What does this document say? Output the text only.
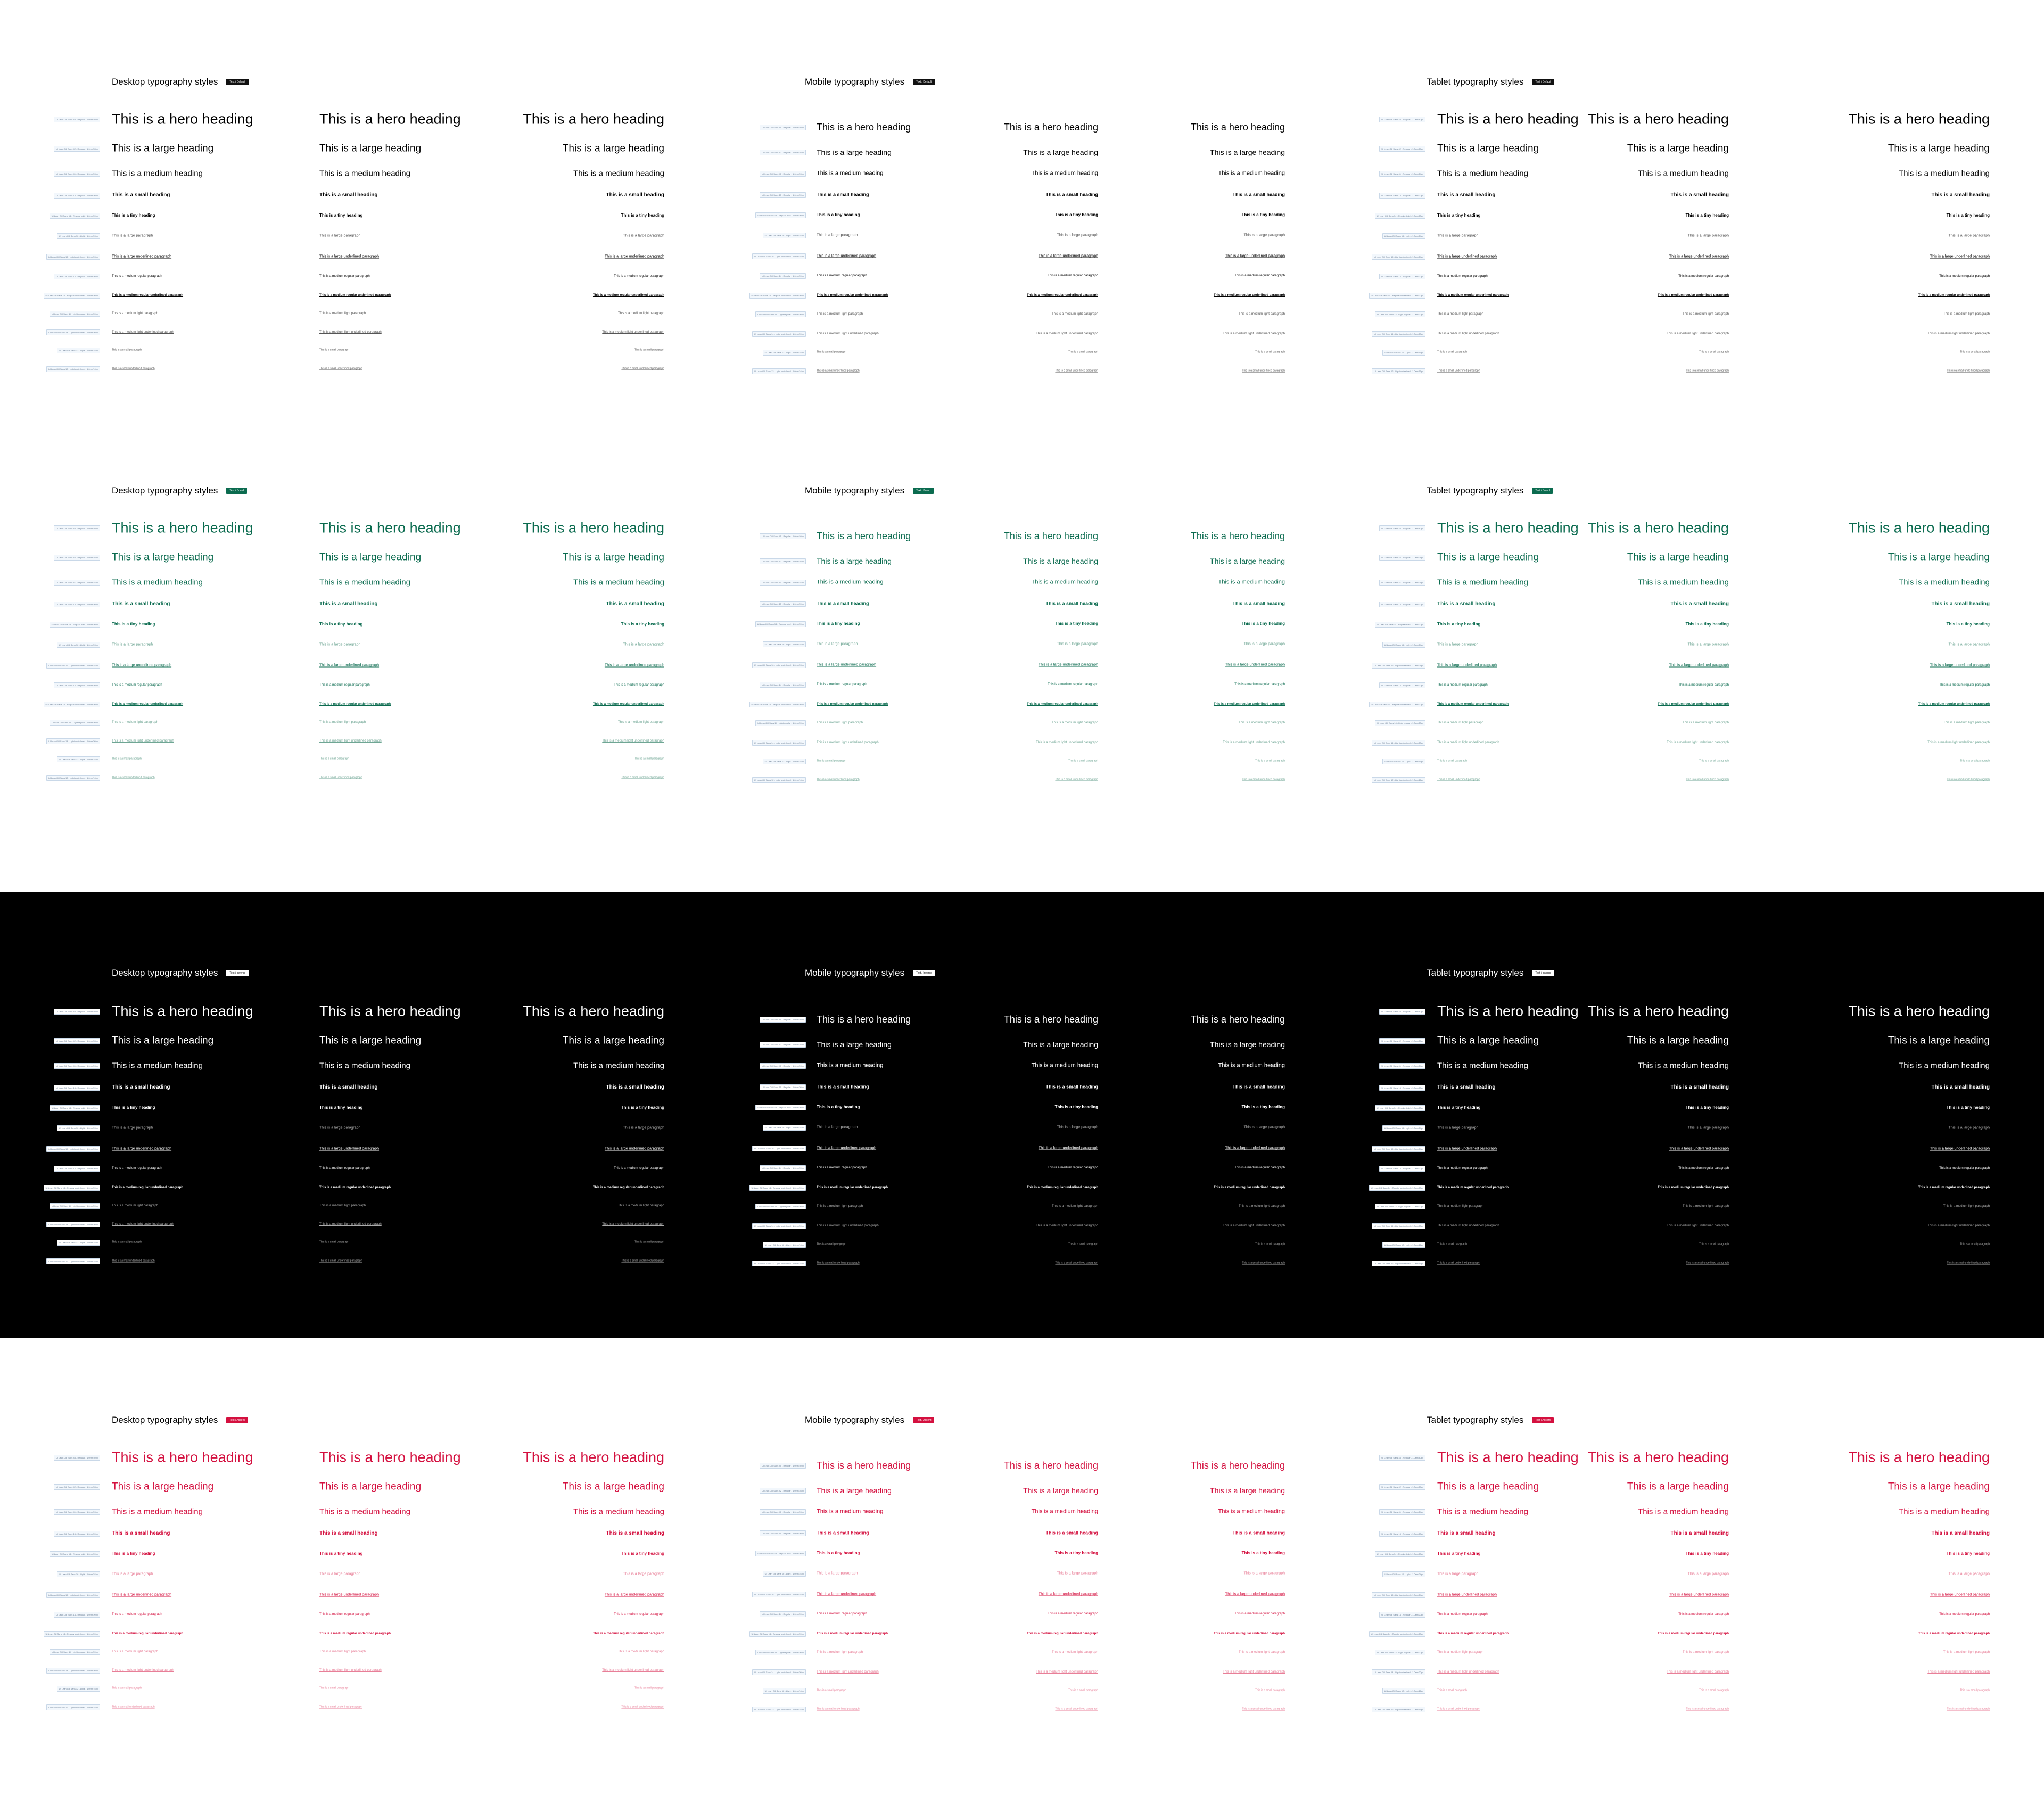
Desktop typography styles	Text / Default
UI Lean Gill Sans 45 - Regular - 1.0em/40px This is a hero heading	This is a hero heading	This is a hero heading
UI Lean Gill Sans 42 - Regular - 1.0em/28px This is a large heading	This is a large heading	This is a large heading
UI Lean Gill Sans 41 - Regular - 1.0em/24px This is a medium heading	This is a medium heading	This is a medium heading
UI Lean Gill Sans 15 - Regular - 1.0em/20px	This is a small heading	This is a small heading	This is a small heading
UI Lean Gill Sans 14 - Regular bold - 1.0em/20px	This is a tiny heading	This is a tiny heading	This is a tiny heading
UI Lean Gill Sans 16 - Light - 1.0em/24px	This is a large paragraph	This is a large paragraph	This is a large paragraph
UI Lean Gill Sans 16 - Light underlined - 1.0em/24px	This is a large underlined paragraph	This is a large underlined paragraph	This is a large underlined paragraph
UI Lean Gill Sans 14 - Regular - 1.0em/20px	This is a medium regular paragraph	This is a medium regular paragraph	This is a medium regular paragraph
UI Lean Gill Sans 14 - Regular underlined - 1.0em/20px	This is a medium regular underlined paragraph	This is a medium regular underlined paragraph	This is a medium regular underlined paragraph
UI Lean Gill Sans 14 - Light regular - 1.0em/20px	This is a medium light paragraph	This is a medium light paragraph	This is a medium light paragraph
UI Lean Gill Sans 14 - Light underlined - 1.0em/20px	This is a medium light underlined paragraph	This is a medium light underlined paragraph	This is a medium light underlined paragraph
UI Lean Gill Sans 12 - Light - 1.0em/16px	This is a small paragraph	This is a small paragraph	This is a small paragraph
UI Lean Gill Sans 12 - Light underlined - 1.0em/16px	This is a small underlined paragraph	This is a small underlined paragraph	This is a small underlined paragraph
Mobile typography styles	Text / Default
UI Lean Gill Sans 45 - Regular - 1.0em/40px This is a hero heading	This is a hero heading	This is a hero heading
UI Lean Gill Sans 42 - Regular - 1.0em/28px This is a large heading	This is a large heading	This is a large heading
UI Lean Gill Sans 41 - Regular - 1.0em/24px	This is a medium heading	This is a medium heading	This is a medium heading
UI Lean Gill Sans 15 - Regular - 1.0em/20px	This is a small heading	This is a small heading	This is a small heading
UI Lean Gill Sans 14 - Regular bold - 1.0em/20px	This is a tiny heading	This is a tiny heading	This is a tiny heading
UI Lean Gill Sans 16 - Light - 1.0em/24px	This is a large paragraph	This is a large paragraph	This is a large paragraph
UI Lean Gill Sans 16 - Light underlined - 1.0em/24px	This is a large underlined paragraph	This is a large underlined paragraph	This is a large underlined paragraph
UI Lean Gill Sans 14 - Regular - 1.0em/20px	This is a medium regular paragraph	This is a medium regular paragraph	This is a medium regular paragraph
UI Lean Gill Sans 14 - Regular underlined - 1.0em/20px	This is a medium regular underlined paragraph	This is a medium regular underlined paragraph	This is a medium regular underlined paragraph
UI Lean Gill Sans 14 - Light regular - 1.0em/20px	This is a medium light paragraph	This is a medium light paragraph	This is a medium light paragraph
UI Lean Gill Sans 14 - Light underlined - 1.0em/20px	This is a medium light underlined paragraph	This is a medium light underlined paragraph	This is a medium light underlined paragraph
UI Lean Gill Sans 12 - Light - 1.0em/16px	This is a small paragraph	This is a small paragraph	This is a small paragraph
UI Lean Gill Sans 12 - Light underlined - 1.0em/16px	This is a small underlined paragraph	This is a small underlined paragraph	This is a small underlined paragraph
Tablet typography styles	Text / Default
UI Lean Gill Sans 45 - Regular - 1.0em/40px This is a hero heading This is a hero heading	This is a hero heading
UI Lean Gill Sans 42 - Regular - 1.0em/28px This is a large heading	This is a large heading	This is a large heading
UI Lean Gill Sans 41 - Regular - 1.0em/24px This is a medium heading	This is a medium heading	This is a medium heading
UI Lean Gill Sans 15 - Regular - 1.0em/20px	This is a small heading	This is a small heading	This is a small heading
UI Lean Gill Sans 14 - Regular bold - 1.0em/20px	This is a tiny heading	This is a tiny heading	This is a tiny heading
UI Lean Gill Sans 16 - Light - 1.0em/24px	This is a large paragraph	This is a large paragraph	This is a large paragraph
UI Lean Gill Sans 16 - Light underlined - 1.0em/24px	This is a large underlined paragraph	This is a large underlined paragraph	This is a large underlined paragraph
UI Lean Gill Sans 14 - Regular - 1.0em/20px	This is a medium regular paragraph	This is a medium regular paragraph	This is a medium regular paragraph
UI Lean Gill Sans 14 - Regular underlined - 1.0em/20px	This is a medium regular underlined paragraph	This is a medium regular underlined paragraph	This is a medium regular underlined paragraph
UI Lean Gill Sans 14 - Light regular - 1.0em/20px	This is a medium light paragraph	This is a medium light paragraph	This is a medium light paragraph
UI Lean Gill Sans 14 - Light underlined - 1.0em/20px	This is a medium light underlined paragraph	This is a medium light underlined paragraph	This is a medium light underlined paragraph
UI Lean Gill Sans 12 - Light - 1.0em/16px	This is a small paragraph	This is a small paragraph	This is a small paragraph
UI Lean Gill Sans 12 - Light underlined - 1.0em/16px	This is a small underlined paragraph	This is a small underlined paragraph	This is a small underlined paragraph
Desktop typography styles	Text / Brand
UI Lean Gill Sans 45 - Regular - 1.0em/40px This is a hero heading	This is a hero heading	This is a hero heading
UI Lean Gill Sans 42 - Regular - 1.0em/28px This is a large heading	This is a large heading	This is a large heading
UI Lean Gill Sans 41 - Regular - 1.0em/24px This is a medium heading	This is a medium heading	This is a medium heading
UI Lean Gill Sans 15 - Regular - 1.0em/20px	This is a small heading	This is a small heading	This is a small heading
UI Lean Gill Sans 14 - Regular bold - 1.0em/20px	This is a tiny heading	This is a tiny heading	This is a tiny heading
UI Lean Gill Sans 16 - Light - 1.0em/24px	This is a large paragraph	This is a large paragraph	This is a large paragraph
UI Lean Gill Sans 16 - Light underlined - 1.0em/24px	This is a large underlined paragraph	This is a large underlined paragraph	This is a large underlined paragraph
UI Lean Gill Sans 14 - Regular - 1.0em/20px	This is a medium regular paragraph	This is a medium regular paragraph	This is a medium regular paragraph
UI Lean Gill Sans 14 - Regular underlined - 1.0em/20px	This is a medium regular underlined paragraph	This is a medium regular underlined paragraph	This is a medium regular underlined paragraph
UI Lean Gill Sans 14 - Light regular - 1.0em/20px	This is a medium light paragraph	This is a medium light paragraph	This is a medium light paragraph
UI Lean Gill Sans 14 - Light underlined - 1.0em/20px	This is a medium light underlined paragraph	This is a medium light underlined paragraph	This is a medium light underlined paragraph
UI Lean Gill Sans 12 - Light - 1.0em/16px	This is a small paragraph	This is a small paragraph	This is a small paragraph
UI Lean Gill Sans 12 - Light underlined - 1.0em/16px	This is a small underlined paragraph	This is a small underlined paragraph	This is a small underlined paragraph
Mobile typography styles	Text / Brand
UI Lean Gill Sans 45 - Regular - 1.0em/40px This is a hero heading	This is a hero heading	This is a hero heading
UI Lean Gill Sans 42 - Regular - 1.0em/28px This is a large heading	This is a large heading	This is a large heading
UI Lean Gill Sans 41 - Regular - 1.0em/24px	This is a medium heading	This is a medium heading	This is a medium heading
UI Lean Gill Sans 15 - Regular - 1.0em/20px	This is a small heading	This is a small heading	This is a small heading
UI Lean Gill Sans 14 - Regular bold - 1.0em/20px	This is a tiny heading	This is a tiny heading	This is a tiny heading
UI Lean Gill Sans 16 - Light - 1.0em/24px	This is a large paragraph	This is a large paragraph	This is a large paragraph
UI Lean Gill Sans 16 - Light underlined - 1.0em/24px	This is a large underlined paragraph	This is a large underlined paragraph	This is a large underlined paragraph
UI Lean Gill Sans 14 - Regular - 1.0em/20px	This is a medium regular paragraph	This is a medium regular paragraph	This is a medium regular paragraph
UI Lean Gill Sans 14 - Regular underlined - 1.0em/20px	This is a medium regular underlined paragraph	This is a medium regular underlined paragraph	This is a medium regular underlined paragraph
UI Lean Gill Sans 14 - Light regular - 1.0em/20px	This is a medium light paragraph	This is a medium light paragraph	This is a medium light paragraph
UI Lean Gill Sans 14 - Light underlined - 1.0em/20px	This is a medium light underlined paragraph	This is a medium light underlined paragraph	This is a medium light underlined paragraph
UI Lean Gill Sans 12 - Light - 1.0em/16px	This is a small paragraph	This is a small paragraph	This is a small paragraph
UI Lean Gill Sans 12 - Light underlined - 1.0em/16px	This is a small underlined paragraph	This is a small underlined paragraph	This is a small underlined paragraph
Tablet typography styles	Text / Brand
UI Lean Gill Sans 45 - Regular - 1.0em/40px This is a hero heading This is a hero heading	This is a hero heading
UI Lean Gill Sans 42 - Regular - 1.0em/28px This is a large heading	This is a large heading	This is a large heading
UI Lean Gill Sans 41 - Regular - 1.0em/24px This is a medium heading	This is a medium heading	This is a medium heading
UI Lean Gill Sans 15 - Regular - 1.0em/20px	This is a small heading	This is a small heading	This is a small heading
UI Lean Gill Sans 14 - Regular bold - 1.0em/20px	This is a tiny heading	This is a tiny heading	This is a tiny heading
UI Lean Gill Sans 16 - Light - 1.0em/24px	This is a large paragraph	This is a large paragraph	This is a large paragraph
UI Lean Gill Sans 16 - Light underlined - 1.0em/24px	This is a large underlined paragraph	This is a large underlined paragraph	This is a large underlined paragraph
UI Lean Gill Sans 14 - Regular - 1.0em/20px	This is a medium regular paragraph	This is a medium regular paragraph	This is a medium regular paragraph
UI Lean Gill Sans 14 - Regular underlined - 1.0em/20px	This is a medium regular underlined paragraph	This is a medium regular underlined paragraph	This is a medium regular underlined paragraph
UI Lean Gill Sans 14 - Light regular - 1.0em/20px	This is a medium light paragraph	This is a medium light paragraph	This is a medium light paragraph
UI Lean Gill Sans 14 - Light underlined - 1.0em/20px	This is a medium light underlined paragraph	This is a medium light underlined paragraph	This is a medium light underlined paragraph
UI Lean Gill Sans 12 - Light - 1.0em/16px	This is a small paragraph	This is a small paragraph	This is a small paragraph
UI Lean Gill Sans 12 - Light underlined - 1.0em/16px	This is a small underlined paragraph	This is a small underlined paragraph	This is a small underlined paragraph
Desktop typography styles	Text / Inverse
UI Lean Gill Sans 45 - Regular - 1.0em/40px This is a hero heading	This is a hero heading	This is a hero heading
UI Lean Gill Sans 42 - Regular - 1.0em/28px This is a large heading	This is a large heading	This is a large heading
UI Lean Gill Sans 41 - Regular - 1.0em/24px This is a medium heading	This is a medium heading	This is a medium heading
UI Lean Gill Sans 15 - Regular - 1.0em/20px	This is a small heading	This is a small heading	This is a small heading
UI Lean Gill Sans 14 - Regular bold - 1.0em/20px	This is a tiny heading	This is a tiny heading	This is a tiny heading
UI Lean Gill Sans 16 - Light - 1.0em/24px	This is a large paragraph	This is a large paragraph	This is a large paragraph
UI Lean Gill Sans 16 - Light underlined - 1.0em/24px	This is a large underlined paragraph	This is a large underlined paragraph	This is a large underlined paragraph
UI Lean Gill Sans 14 - Regular - 1.0em/20px	This is a medium regular paragraph	This is a medium regular paragraph	This is a medium regular paragraph
UI Lean Gill Sans 14 - Regular underlined - 1.0em/20px	This is a medium regular underlined paragraph	This is a medium regular underlined paragraph	This is a medium regular underlined paragraph
UI Lean Gill Sans 14 - Light regular - 1.0em/20px	This is a medium light paragraph	This is a medium light paragraph	This is a medium light paragraph
UI Lean Gill Sans 14 - Light underlined - 1.0em/20px	This is a medium light underlined paragraph	This is a medium light underlined paragraph	This is a medium light underlined paragraph
UI Lean Gill Sans 12 - Light - 1.0em/16px	This is a small paragraph	This is a small paragraph	This is a small paragraph
UI Lean Gill Sans 12 - Light underlined - 1.0em/16px	This is a small underlined paragraph	This is a small underlined paragraph	This is a small underlined paragraph
Mobile typography styles	Text / Inverse
UI Lean Gill Sans 45 - Regular - 1.0em/40px This is a hero heading	This is a hero heading	This is a hero heading
UI Lean Gill Sans 42 - Regular - 1.0em/28px This is a large heading	This is a large heading	This is a large heading
UI Lean Gill Sans 41 - Regular - 1.0em/24px	This is a medium heading	This is a medium heading	This is a medium heading
UI Lean Gill Sans 15 - Regular - 1.0em/20px	This is a small heading	This is a small heading	This is a small heading
UI Lean Gill Sans 14 - Regular bold - 1.0em/20px	This is a tiny heading	This is a tiny heading	This is a tiny heading
UI Lean Gill Sans 16 - Light - 1.0em/24px	This is a large paragraph	This is a large paragraph	This is a large paragraph
UI Lean Gill Sans 16 - Light underlined - 1.0em/24px	This is a large underlined paragraph	This is a large underlined paragraph	This is a large underlined paragraph
UI Lean Gill Sans 14 - Regular - 1.0em/20px	This is a medium regular paragraph	This is a medium regular paragraph	This is a medium regular paragraph
UI Lean Gill Sans 14 - Regular underlined - 1.0em/20px	This is a medium regular underlined paragraph	This is a medium regular underlined paragraph	This is a medium regular underlined paragraph
UI Lean Gill Sans 14 - Light regular - 1.0em/20px	This is a medium light paragraph	This is a medium light paragraph	This is a medium light paragraph
UI Lean Gill Sans 14 - Light underlined - 1.0em/20px	This is a medium light underlined paragraph	This is a medium light underlined paragraph	This is a medium light underlined paragraph
UI Lean Gill Sans 12 - Light - 1.0em/16px	This is a small paragraph	This is a small paragraph	This is a small paragraph
UI Lean Gill Sans 12 - Light underlined - 1.0em/16px	This is a small underlined paragraph	This is a small underlined paragraph	This is a small underlined paragraph
Tablet typography styles	Text / Inverse
UI Lean Gill Sans 45 - Regular - 1.0em/40px This is a hero heading This is a hero heading	This is a hero heading
UI Lean Gill Sans 42 - Regular - 1.0em/28px This is a large heading	This is a large heading	This is a large heading
UI Lean Gill Sans 41 - Regular - 1.0em/24px This is a medium heading	This is a medium heading	This is a medium heading
UI Lean Gill Sans 15 - Regular - 1.0em/20px	This is a small heading	This is a small heading	This is a small heading
UI Lean Gill Sans 14 - Regular bold - 1.0em/20px	This is a tiny heading	This is a tiny heading	This is a tiny heading
UI Lean Gill Sans 16 - Light - 1.0em/24px	This is a large paragraph	This is a large paragraph	This is a large paragraph
UI Lean Gill Sans 16 - Light underlined - 1.0em/24px	This is a large underlined paragraph	This is a large underlined paragraph	This is a large underlined paragraph
UI Lean Gill Sans 14 - Regular - 1.0em/20px	This is a medium regular paragraph	This is a medium regular paragraph	This is a medium regular paragraph
UI Lean Gill Sans 14 - Regular underlined - 1.0em/20px	This is a medium regular underlined paragraph	This is a medium regular underlined paragraph	This is a medium regular underlined paragraph
UI Lean Gill Sans 14 - Light regular - 1.0em/20px	This is a medium light paragraph	This is a medium light paragraph	This is a medium light paragraph
UI Lean Gill Sans 14 - Light underlined - 1.0em/20px	This is a medium light underlined paragraph	This is a medium light underlined paragraph	This is a medium light underlined paragraph
UI Lean Gill Sans 12 - Light - 1.0em/16px	This is a small paragraph	This is a small paragraph	This is a small paragraph
UI Lean Gill Sans 12 - Light underlined - 1.0em/16px	This is a small underlined paragraph	This is a small underlined paragraph	This is a small underlined paragraph
Desktop typography styles	Text / Accent
UI Lean Gill Sans 45 - Regular - 1.0em/40px This is a hero heading	This is a hero heading	This is a hero heading
UI Lean Gill Sans 42 - Regular - 1.0em/28px This is a large heading	This is a large heading	This is a large heading
UI Lean Gill Sans 41 - Regular - 1.0em/24px This is a medium heading	This is a medium heading	This is a medium heading
UI Lean Gill Sans 15 - Regular - 1.0em/20px	This is a small heading	This is a small heading	This is a small heading
UI Lean Gill Sans 14 - Regular bold - 1.0em/20px	This is a tiny heading	This is a tiny heading	This is a tiny heading
UI Lean Gill Sans 16 - Light - 1.0em/24px	This is a large paragraph	This is a large paragraph	This is a large paragraph
UI Lean Gill Sans 16 - Light underlined - 1.0em/24px	This is a large underlined paragraph	This is a large underlined paragraph	This is a large underlined paragraph
UI Lean Gill Sans 14 - Regular - 1.0em/20px	This is a medium regular paragraph	This is a medium regular paragraph	This is a medium regular paragraph
UI Lean Gill Sans 14 - Regular underlined - 1.0em/20px	This is a medium regular underlined paragraph	This is a medium regular underlined paragraph	This is a medium regular underlined paragraph
UI Lean Gill Sans 14 - Light regular - 1.0em/20px	This is a medium light paragraph	This is a medium light paragraph	This is a medium light paragraph
UI Lean Gill Sans 14 - Light underlined - 1.0em/20px	This is a medium light underlined paragraph	This is a medium light underlined paragraph	This is a medium light underlined paragraph
UI Lean Gill Sans 12 - Light - 1.0em/16px	This is a small paragraph	This is a small paragraph	This is a small paragraph
UI Lean Gill Sans 12 - Light underlined - 1.0em/16px	This is a small underlined paragraph	This is a small underlined paragraph	This is a small underlined paragraph
Mobile typography styles	Text / Accent
UI Lean Gill Sans 45 - Regular - 1.0em/40px This is a hero heading	This is a hero heading	This is a hero heading
UI Lean Gill Sans 42 - Regular - 1.0em/28px This is a large heading	This is a large heading	This is a large heading
UI Lean Gill Sans 41 - Regular - 1.0em/24px	This is a medium heading	This is a medium heading	This is a medium heading
UI Lean Gill Sans 15 - Regular - 1.0em/20px	This is a small heading	This is a small heading	This is a small heading
UI Lean Gill Sans 14 - Regular bold - 1.0em/20px	This is a tiny heading	This is a tiny heading	This is a tiny heading
UI Lean Gill Sans 16 - Light - 1.0em/24px	This is a large paragraph	This is a large paragraph	This is a large paragraph
UI Lean Gill Sans 16 - Light underlined - 1.0em/24px	This is a large underlined paragraph	This is a large underlined paragraph	This is a large underlined paragraph
UI Lean Gill Sans 14 - Regular - 1.0em/20px	This is a medium regular paragraph	This is a medium regular paragraph	This is a medium regular paragraph
UI Lean Gill Sans 14 - Regular underlined - 1.0em/20px	This is a medium regular underlined paragraph	This is a medium regular underlined paragraph	This is a medium regular underlined paragraph
UI Lean Gill Sans 14 - Light regular - 1.0em/20px	This is a medium light paragraph	This is a medium light paragraph	This is a medium light paragraph
UI Lean Gill Sans 14 - Light underlined - 1.0em/20px	This is a medium light underlined paragraph	This is a medium light underlined paragraph	This is a medium light underlined paragraph
UI Lean Gill Sans 12 - Light - 1.0em/16px	This is a small paragraph	This is a small paragraph	This is a small paragraph
UI Lean Gill Sans 12 - Light underlined - 1.0em/16px	This is a small underlined paragraph	This is a small underlined paragraph	This is a small underlined paragraph
Tablet typography styles	Text / Accent
UI Lean Gill Sans 45 - Regular - 1.0em/40px This is a hero heading This is a hero heading	This is a hero heading
UI Lean Gill Sans 42 - Regular - 1.0em/28px This is a large heading	This is a large heading	This is a large heading
UI Lean Gill Sans 41 - Regular - 1.0em/24px This is a medium heading	This is a medium heading	This is a medium heading
UI Lean Gill Sans 15 - Regular - 1.0em/20px	This is a small heading	This is a small heading	This is a small heading
UI Lean Gill Sans 14 - Regular bold - 1.0em/20px	This is a tiny heading	This is a tiny heading	This is a tiny heading
UI Lean Gill Sans 16 - Light - 1.0em/24px	This is a large paragraph	This is a large paragraph	This is a large paragraph
UI Lean Gill Sans 16 - Light underlined - 1.0em/24px	This is a large underlined paragraph	This is a large underlined paragraph	This is a large underlined paragraph
UI Lean Gill Sans 14 - Regular - 1.0em/20px	This is a medium regular paragraph	This is a medium regular paragraph	This is a medium regular paragraph
UI Lean Gill Sans 14 - Regular underlined - 1.0em/20px	This is a medium regular underlined paragraph	This is a medium regular underlined paragraph	This is a medium regular underlined paragraph
UI Lean Gill Sans 14 - Light regular - 1.0em/20px	This is a medium light paragraph	This is a medium light paragraph	This is a medium light paragraph
UI Lean Gill Sans 14 - Light underlined - 1.0em/20px	This is a medium light underlined paragraph	This is a medium light underlined paragraph	This is a medium light underlined paragraph
UI Lean Gill Sans 12 - Light - 1.0em/16px	This is a small paragraph	This is a small paragraph	This is a small paragraph
UI Lean Gill Sans 12 - Light underlined - 1.0em/16px	This is a small underlined paragraph	This is a small underlined paragraph	This is a small underlined paragraph
